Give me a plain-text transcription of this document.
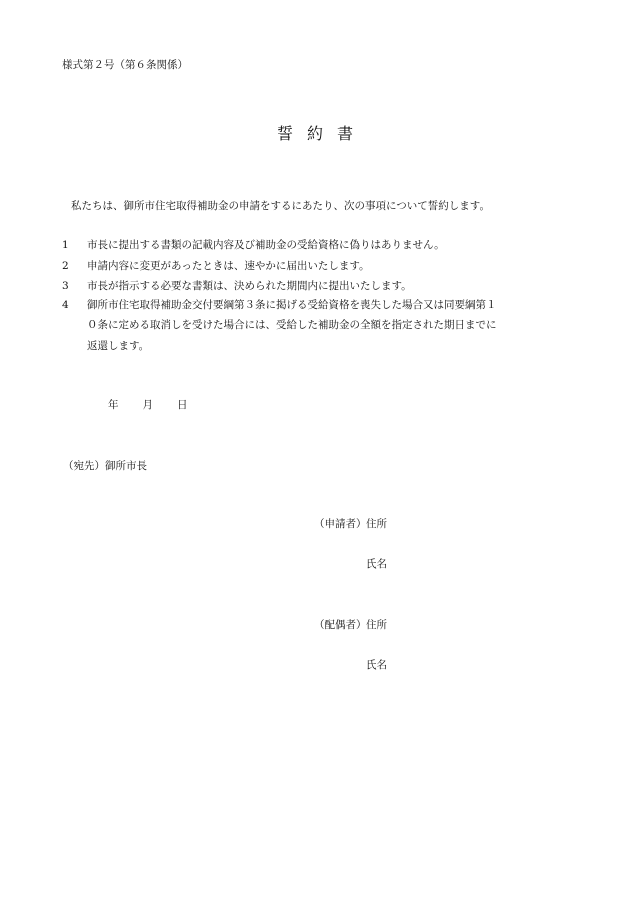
様式第２号（第６条関係）
誓約書
私たちは、御所市住宅取得補助金の申請をするにあたり、次の事項について誓約します。
1 市長に提出する書類の記載内容及び補助金の受給資格に偽りはありません。
2 申請内容に変更があったときは、速やかに届出いたします。
3 市長が指示する必要な書類は、決められた期間内に提出いたします。
4 御所市住宅取得補助金交付要綱第３条に掲げる受給資格を喪失した場合又は同要綱第１
０条に定める取消しを受けた場合には、受給した補助金の全額を指定された期日までに
返還します。
年 月 日
（宛先）御所市長
（申請者） 住所
氏名
（配偶者） 住所
氏名
